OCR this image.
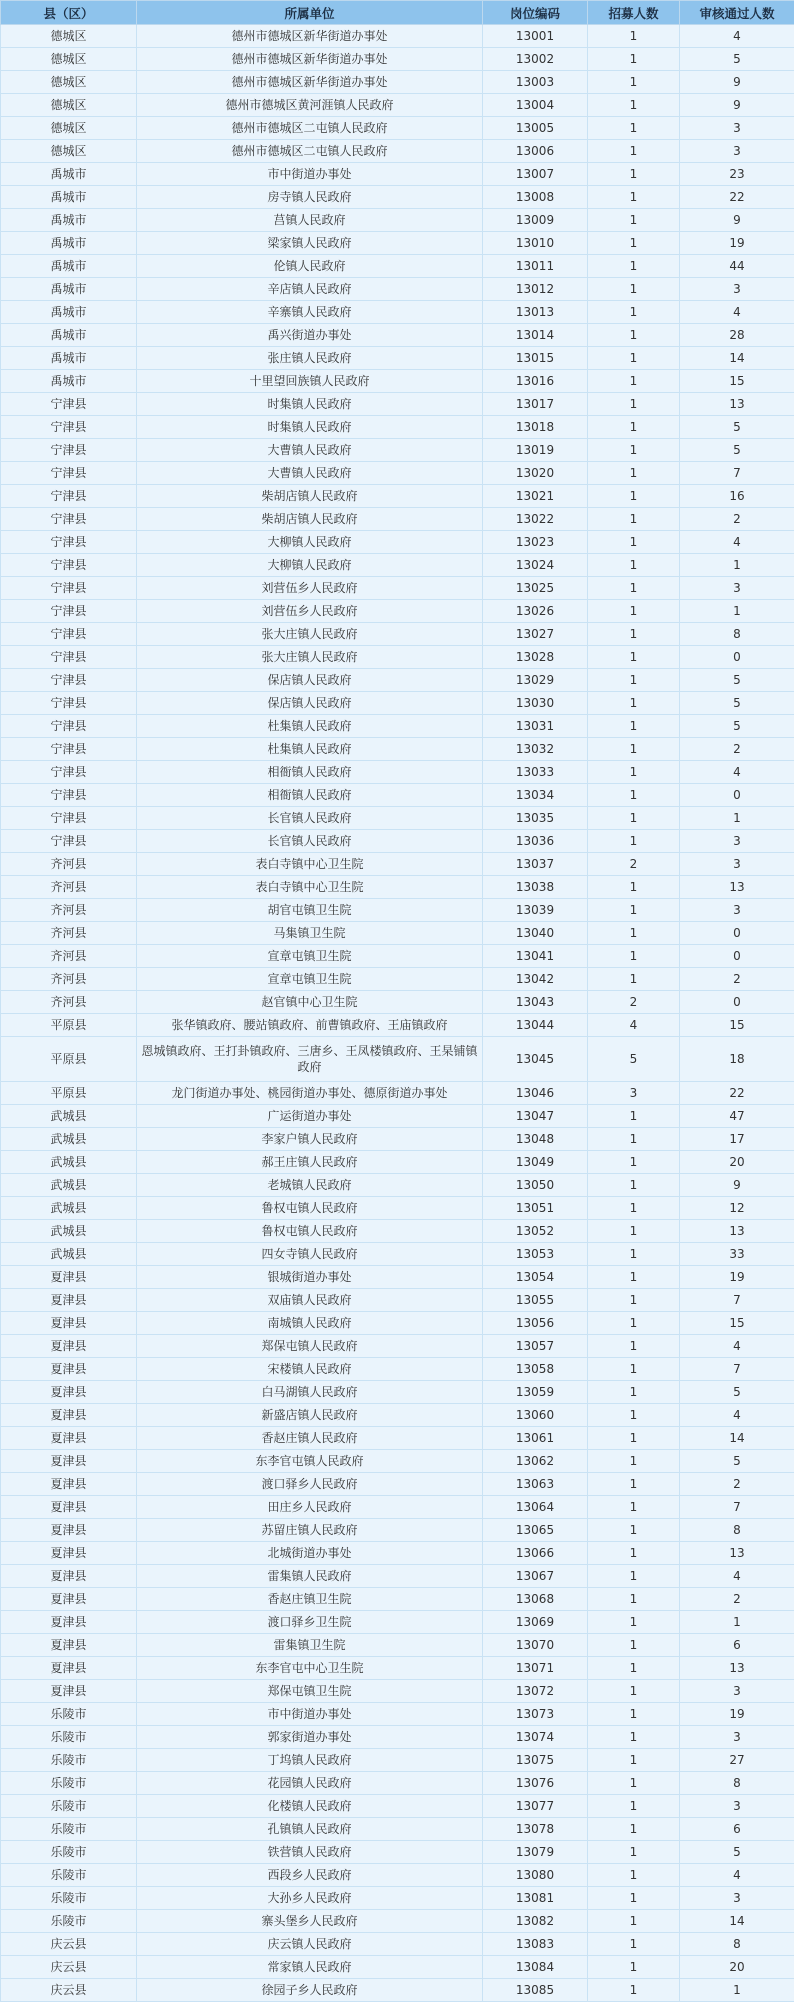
县（区）	所属单位	岗位编码	招募人数	审核通过人数
德城区	德州市德城区新华街道办事处	13001	1	4
德城区	德州市德城区新华街道办事处	13002	1	5
德城区	德州市德城区新华街道办事处	13003	1	9
德城区	德州市德城区黄河涯镇人民政府	13004	1	9
德城区	德州市德城区二屯镇人民政府	13005	1	3
德城区	德州市德城区二屯镇人民政府	13006	1	3
禹城市	市中街道办事处	13007	1	23
禹城市	房寺镇人民政府	13008	1	22
禹城市	莒镇人民政府	13009	1	9
禹城市	梁家镇人民政府	13010	1	19
禹城市	伦镇人民政府	13011	1	44
禹城市	辛店镇人民政府	13012	1	3
禹城市	辛寨镇人民政府	13013	1	4
禹城市	禹兴街道办事处	13014	1	28
禹城市	张庄镇人民政府	13015	1	14
禹城市	十里望回族镇人民政府	13016	1	15
宁津县	时集镇人民政府	13017	1	13
宁津县	时集镇人民政府	13018	1	5
宁津县	大曹镇人民政府	13019	1	5
宁津县	大曹镇人民政府	13020	1	7
宁津县	柴胡店镇人民政府	13021	1	16
宁津县	柴胡店镇人民政府	13022	1	2
宁津县	大柳镇人民政府	13023	1	4
宁津县	大柳镇人民政府	13024	1	1
宁津县	刘营伍乡人民政府	13025	1	3
宁津县	刘营伍乡人民政府	13026	1	1
宁津县	张大庄镇人民政府	13027	1	8
宁津县	张大庄镇人民政府	13028	1	0
宁津县	保店镇人民政府	13029	1	5
宁津县	保店镇人民政府	13030	1	5
宁津县	杜集镇人民政府	13031	1	5
宁津县	杜集镇人民政府	13032	1	2
宁津县	相衙镇人民政府	13033	1	4
宁津县	相衙镇人民政府	13034	1	0
宁津县	长官镇人民政府	13035	1	1
宁津县	长官镇人民政府	13036	1	3
齐河县	表白寺镇中心卫生院	13037	2	3
齐河县	表白寺镇中心卫生院	13038	1	13
齐河县	胡官屯镇卫生院	13039	1	3
齐河县	马集镇卫生院	13040	1	0
齐河县	宣章屯镇卫生院	13041	1	0
齐河县	宣章屯镇卫生院	13042	1	2
齐河县	赵官镇中心卫生院	13043	2	0
平原县	张华镇政府、腰站镇政府、前曹镇政府、王庙镇政府	13044	4	15
平原县	恩城镇政府、王打卦镇政府、三唐乡、王凤楼镇政府、王杲铺镇政府	13045	5	18
平原县	龙门街道办事处、桃园街道办事处、德原街道办事处	13046	3	22
武城县	广运街道办事处	13047	1	47
武城县	李家户镇人民政府	13048	1	17
武城县	郝王庄镇人民政府	13049	1	20
武城县	老城镇人民政府	13050	1	9
武城县	鲁权屯镇人民政府	13051	1	12
武城县	鲁权屯镇人民政府	13052	1	13
武城县	四女寺镇人民政府	13053	1	33
夏津县	银城街道办事处	13054	1	19
夏津县	双庙镇人民政府	13055	1	7
夏津县	南城镇人民政府	13056	1	15
夏津县	郑保屯镇人民政府	13057	1	4
夏津县	宋楼镇人民政府	13058	1	7
夏津县	白马湖镇人民政府	13059	1	5
夏津县	新盛店镇人民政府	13060	1	4
夏津县	香赵庄镇人民政府	13061	1	14
夏津县	东李官屯镇人民政府	13062	1	5
夏津县	渡口驿乡人民政府	13063	1	2
夏津县	田庄乡人民政府	13064	1	7
夏津县	苏留庄镇人民政府	13065	1	8
夏津县	北城街道办事处	13066	1	13
夏津县	雷集镇人民政府	13067	1	4
夏津县	香赵庄镇卫生院	13068	1	2
夏津县	渡口驿乡卫生院	13069	1	1
夏津县	雷集镇卫生院	13070	1	6
夏津县	东李官屯中心卫生院	13071	1	13
夏津县	郑保屯镇卫生院	13072	1	3
乐陵市	市中街道办事处	13073	1	19
乐陵市	郭家街道办事处	13074	1	3
乐陵市	丁坞镇人民政府	13075	1	27
乐陵市	花园镇人民政府	13076	1	8
乐陵市	化楼镇人民政府	13077	1	3
乐陵市	孔镇镇人民政府	13078	1	6
乐陵市	铁营镇人民政府	13079	1	5
乐陵市	西段乡人民政府	13080	1	4
乐陵市	大孙乡人民政府	13081	1	3
乐陵市	寨头堡乡人民政府	13082	1	14
庆云县	庆云镇人民政府	13083	1	8
庆云县	常家镇人民政府	13084	1	20
庆云县	徐园子乡人民政府	13085	1	1
